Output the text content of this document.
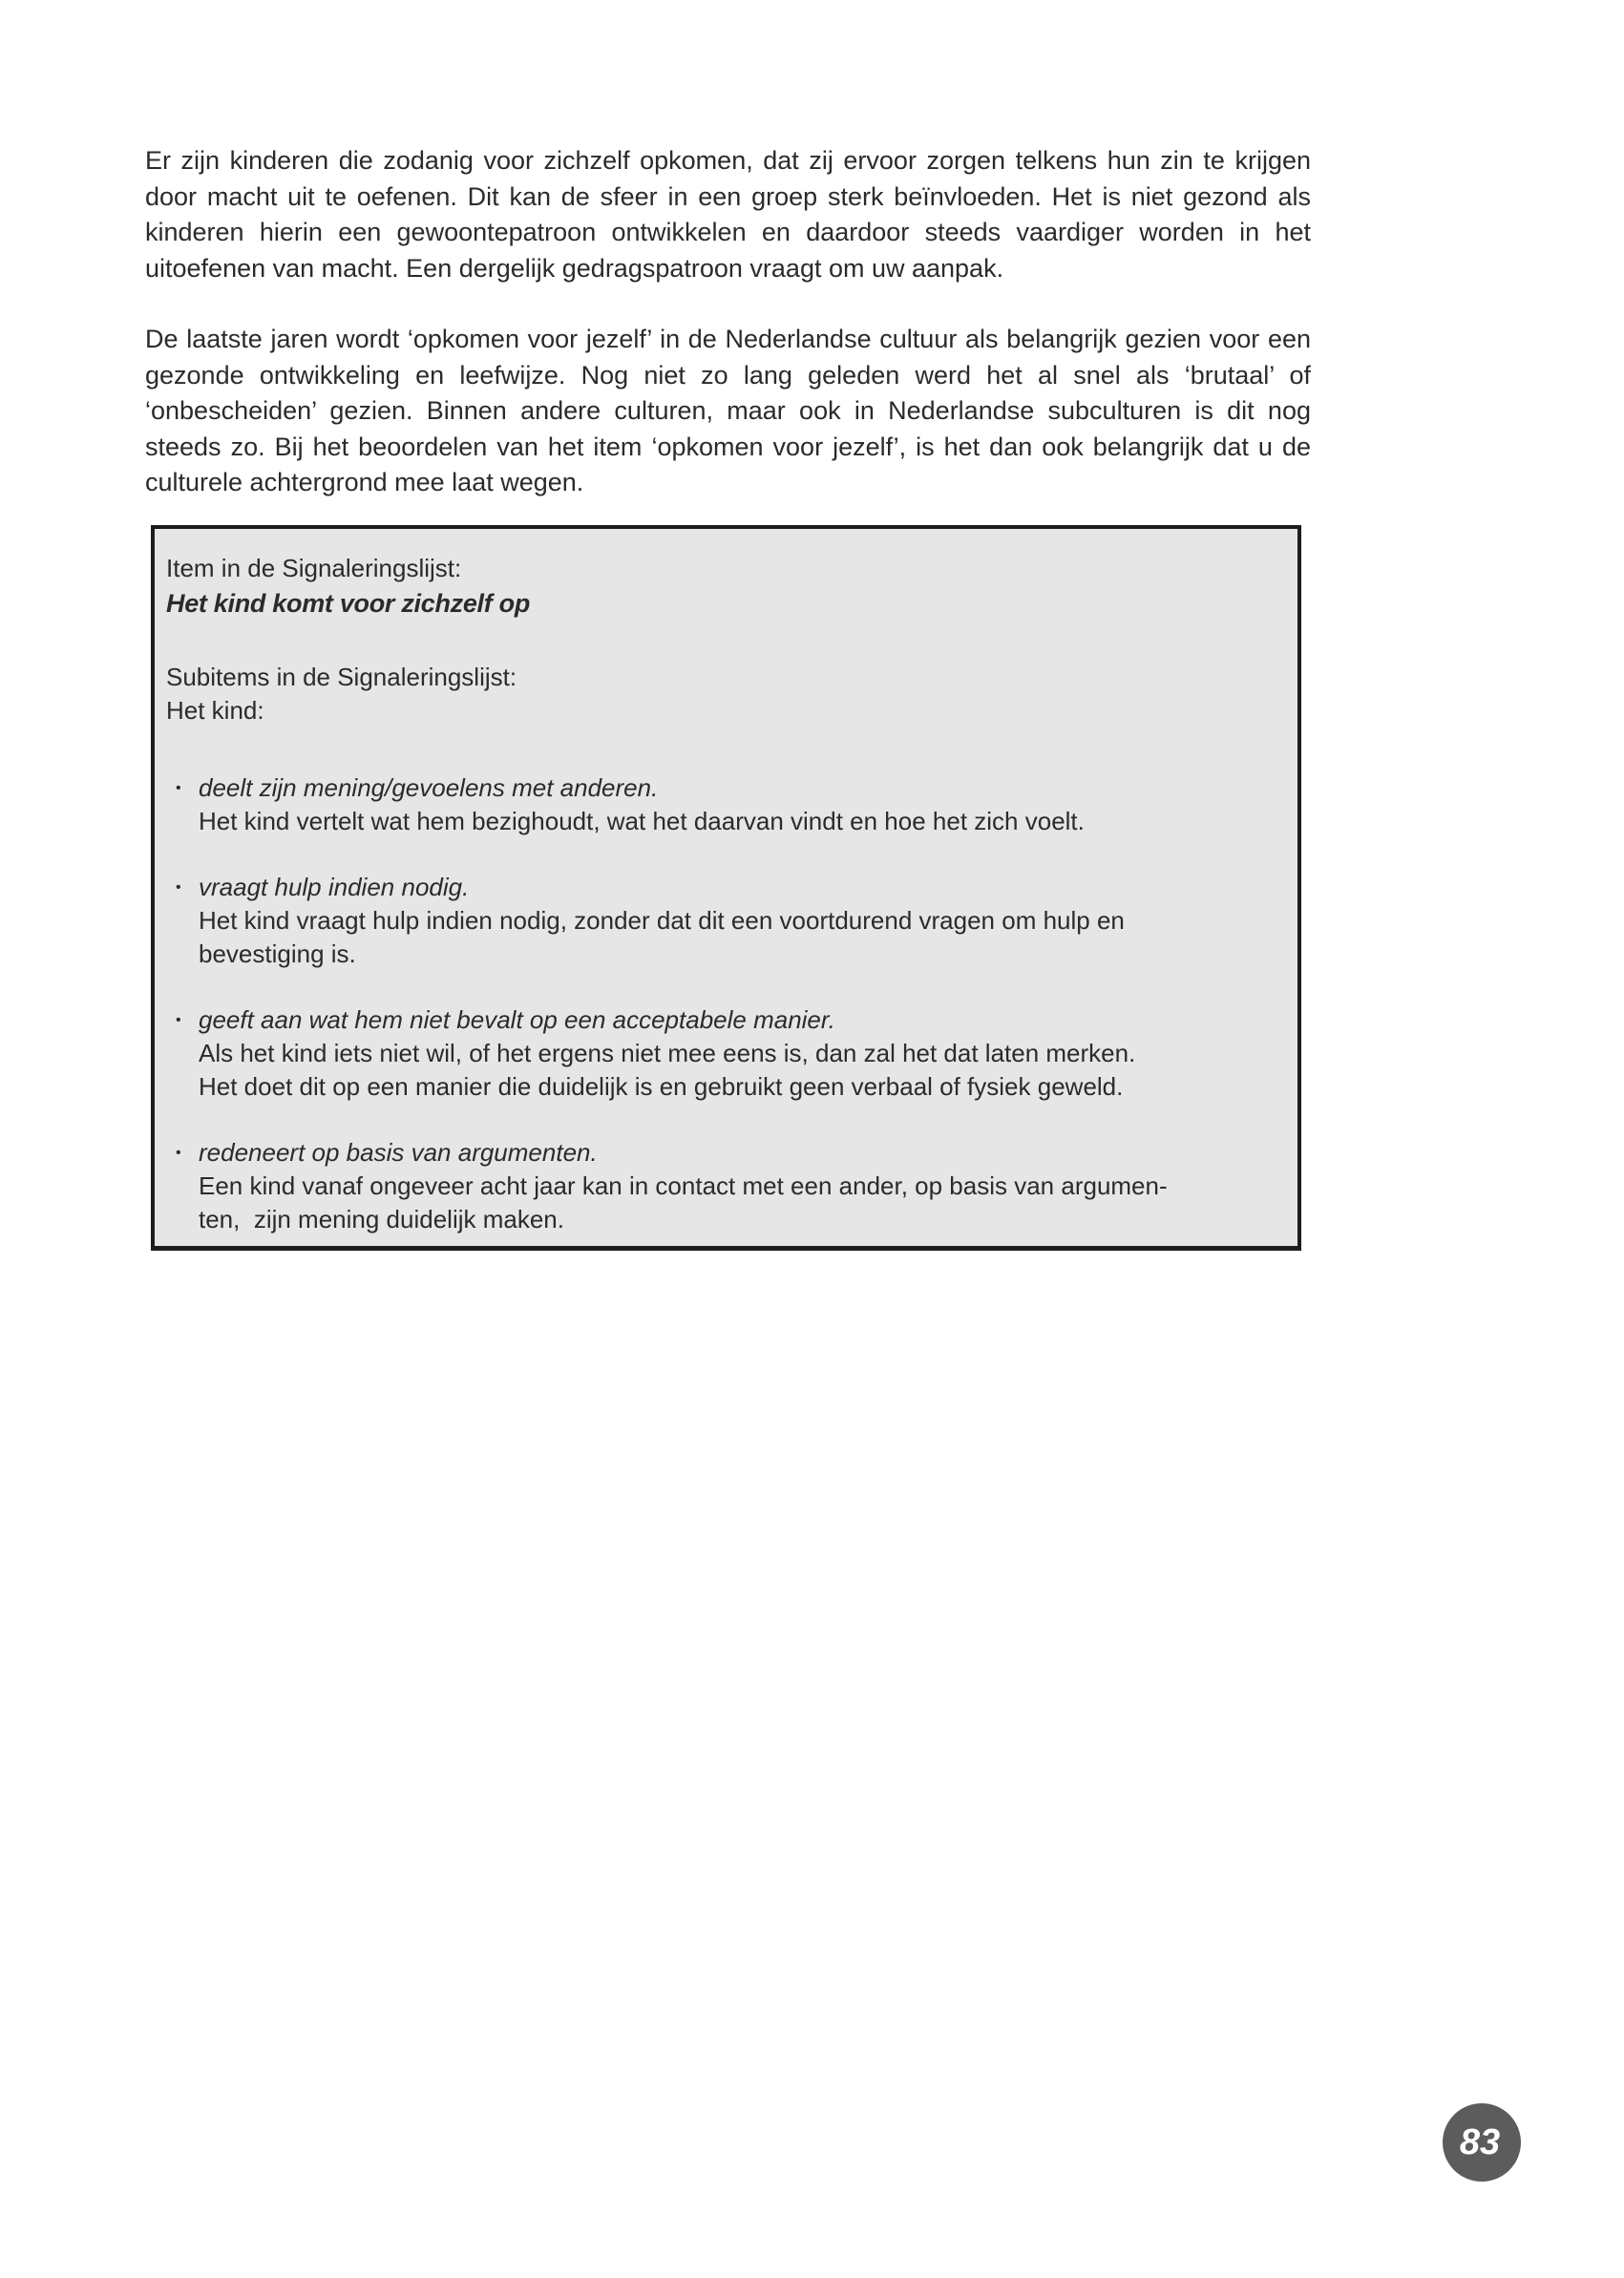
Er zijn kinderen die zodanig voor zichzelf opkomen, dat zij ervoor zorgen telkens hun zin te krijgen door macht uit te oefenen. Dit kan de sfeer in een groep sterk beïnvloeden. Het is niet gezond als kinderen hierin een gewoontepatroon ontwikkelen en daardoor steeds vaardiger worden in het uitoefenen van macht. Een dergelijk gedragspatroon vraagt om uw aanpak.

De laatste jaren wordt ‘opkomen voor jezelf’ in de Nederlandse cultuur als belangrijk gezien voor een gezonde ontwikkeling en leefwijze. Nog niet zo lang geleden werd het al snel als ‘brutaal’ of ‘onbescheiden’ gezien. Binnen andere culturen, maar ook in Nederlandse subculturen is dit nog steeds zo. Bij het beoordelen van het item ‘opkomen voor jezelf’, is het dan ook belangrijk dat u de culturele achtergrond mee laat wegen.

Item in de Signaleringslijst:
Het kind komt voor zichzelf op
Subitems in de Signaleringslijst:
Het kind:
• deelt zijn mening/gevoelens met anderen.
Het kind vertelt wat hem bezighoudt, wat het daarvan vindt en hoe het zich voelt.
• vraagt hulp indien nodig.
Het kind vraagt hulp indien nodig, zonder dat dit een voortdurend vragen om hulp en
bevestiging is.
• geeft aan wat hem niet bevalt op een acceptabele manier.
Als het kind iets niet wil, of het ergens niet mee eens is, dan zal het dat laten merken.
Het doet dit op een manier die duidelijk is en gebruikt geen verbaal of fysiek geweld.
• redeneert op basis van argumenten.
Een kind vanaf ongeveer acht jaar kan in contact met een ander, op basis van argumen-
ten,  zijn mening duidelijk maken.
83
